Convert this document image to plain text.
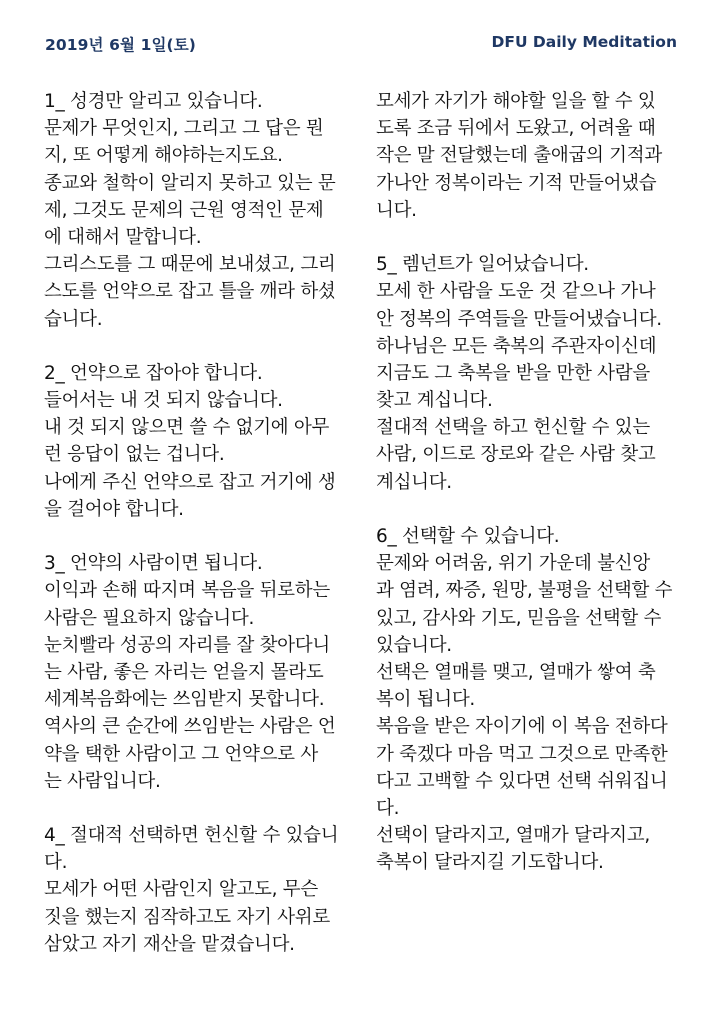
2019년 6월 1일(토)	DFU Daily Meditation
1_ 성경만 알리고 있습니다.
문제가 무엇인지, 그리고 그 답은 뭔
지, 또 어떻게 해야하는지도요.
종교와 철학이 알리지 못하고 있는 문
제, 그것도 문제의 근원 영적인 문제
에 대해서 말합니다.
그리스도를 그 때문에 보내셨고, 그리
스도를 언약으로 잡고 틀을 깨라 하셨
습니다.
2_ 언약으로 잡아야 합니다.
들어서는 내 것 되지 않습니다.
내 것 되지 않으면 쓸 수 없기에 아무
런 응답이 없는 겁니다.
나에게 주신 언약으로 잡고 거기에 생
을 걸어야 합니다.
3_ 언약의 사람이면 됩니다.
이익과 손해 따지며 복음을 뒤로하는
사람은 필요하지 않습니다.
눈치빨라 성공의 자리를 잘 찾아다니
는 사람, 좋은 자리는 얻을지 몰라도
세계복음화에는 쓰임받지 못합니다.
역사의 큰 순간에 쓰임받는 사람은 언
약을 택한 사람이고 그 언약으로 사
는 사람입니다.
4_ 절대적 선택하면 헌신할 수 있습니
다.
모세가 어떤 사람인지 알고도, 무슨
짓을 했는지 짐작하고도 자기 사위로
삼았고 자기 재산을 맡겼습니다.
모세가 자기가 해야할 일을 할 수 있
도록 조금 뒤에서 도왔고, 어려울 때
작은 말 전달했는데 출애굽의 기적과
가나안 정복이라는 기적 만들어냈습
니다.
5_ 렘넌트가 일어났습니다.
모세 한 사람을 도운 것 같으나 가나
안 정복의 주역들을 만들어냈습니다.
하나님은 모든 축복의 주관자이신데
지금도 그 축복을 받을 만한 사람을
찾고 계십니다.
절대적 선택을 하고 헌신할 수 있는
사람, 이드로 장로와 같은 사람 찾고
계십니다.
6_ 선택할 수 있습니다.
문제와 어려움, 위기 가운데 불신앙
과 염려, 짜증, 원망, 불평을 선택할 수
있고, 감사와 기도, 믿음을 선택할 수
있습니다.
선택은 열매를 맺고, 열매가 쌓여 축
복이 됩니다.
복음을 받은 자이기에 이 복음 전하다
가 죽겠다 마음 먹고 그것으로 만족한
다고 고백할 수 있다면 선택 쉬워집니
다.
선택이 달라지고, 열매가 달라지고,
축복이 달라지길 기도합니다.
